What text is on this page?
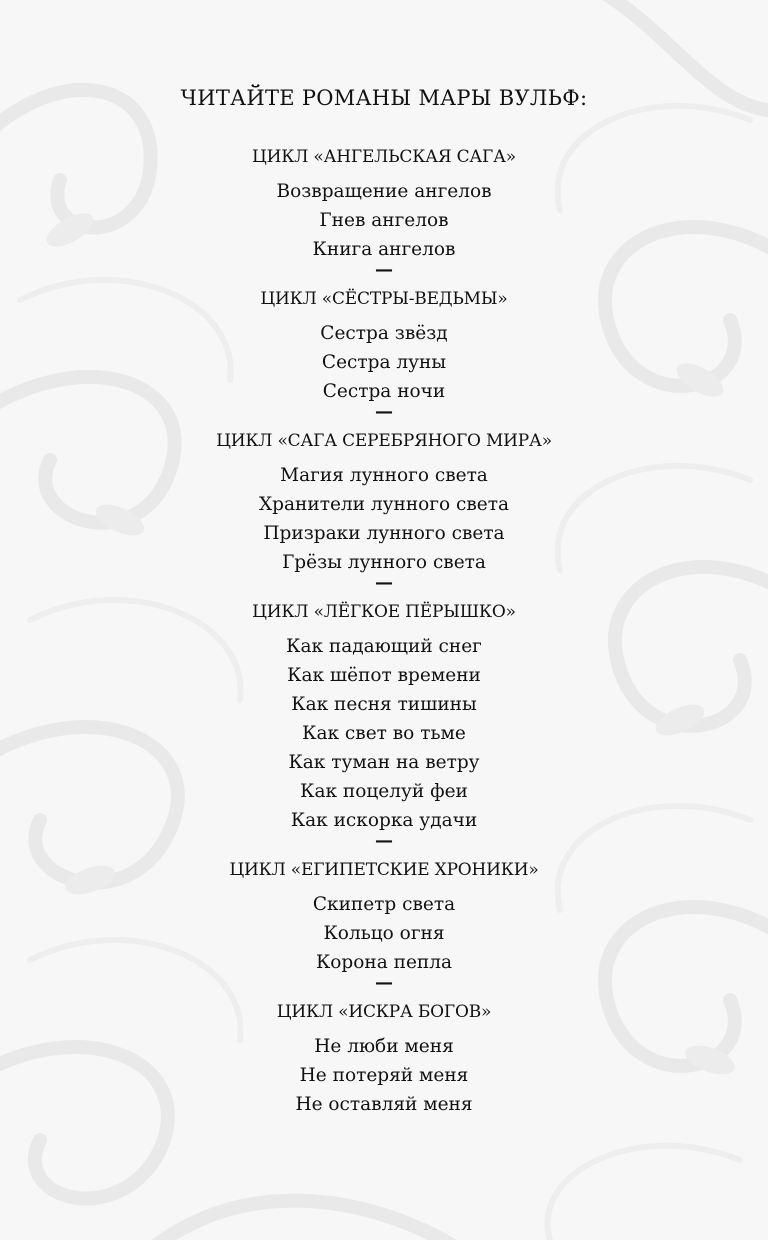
ЧИТАЙТЕ РОМАНЫ МАРЫ ВУЛЬФ:
ЦИКЛ «АНГЕЛЬСКАЯ САГА»
Возвращение ангелов
Гнев ангелов
Книга ангелов
—
ЦИКЛ «СЁСТРЫ-ВЕДЬМЫ»
Сестра звёзд
Сестра луны
Сестра ночи
—
ЦИКЛ «САГА СЕРЕБРЯНОГО МИРА»
Магия лунного света
Хранители лунного света
Призраки лунного света
Грёзы лунного света
—
ЦИКЛ «ЛЁГКОЕ ПЁРЫШКО»
Как падающий снег
Как шёпот времени
Как песня тишины
Как свет во тьме
Как туман на ветру
Как поцелуй феи
Как искорка удачи
—
ЦИКЛ «ЕГИПЕТСКИЕ ХРОНИКИ»
Скипетр света
Кольцо огня
Корона пепла
—
ЦИКЛ «ИСКРА БОГОВ»
Не люби меня
Не потеряй меня
Не оставляй меня
